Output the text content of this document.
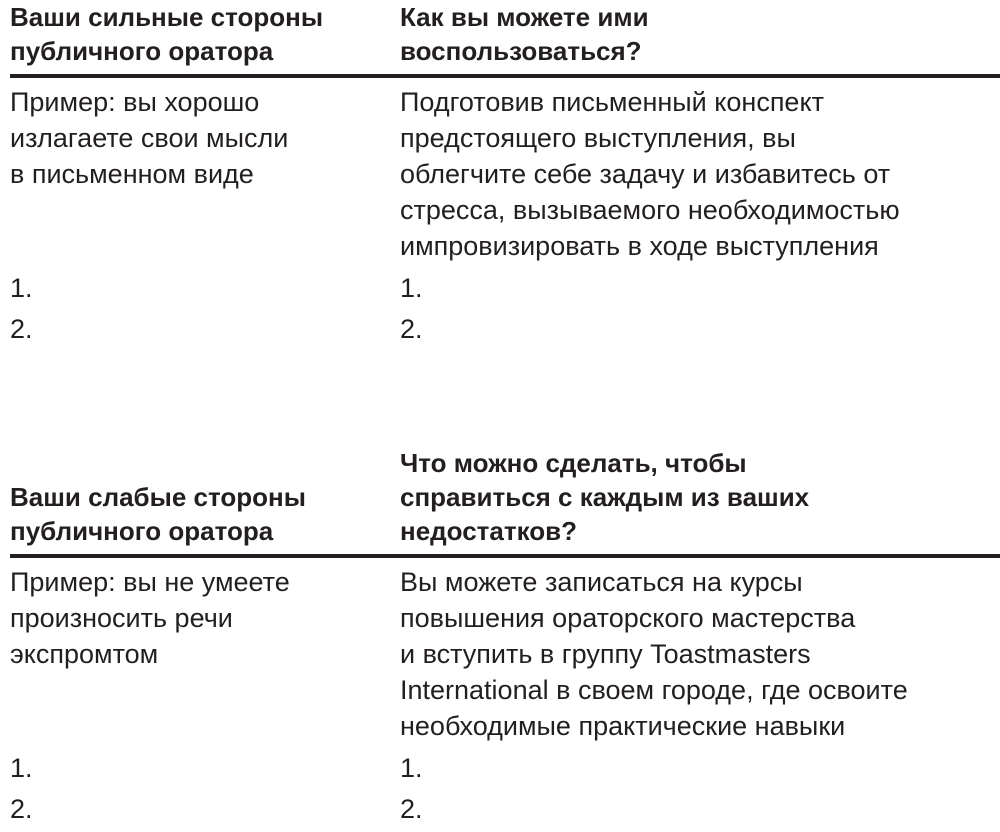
Ваши сильные стороны
публичного оратора
Как вы можете ими
воспользоваться?
Пример: вы хорошо
излагаете свои мысли
в письменном виде
Подготовив письменный конспект
предстоящего выступления, вы
облегчите себе задачу и избавитесь от
стресса, вызываемого необходимостью
импровизировать в ходе выступления
1.
2.
1.
2.
Ваши слабые стороны
публичного оратора
Что можно сделать, чтобы
справиться с каждым из ваших
недостатков?
Пример: вы не умеете
произносить речи
экспромтом
Вы можете записаться на курсы
повышения ораторского мастерства
и вступить в группу Toastmasters
International в своем городе, где освоите
необходимые практические навыки
1.
2.
1.
2.
